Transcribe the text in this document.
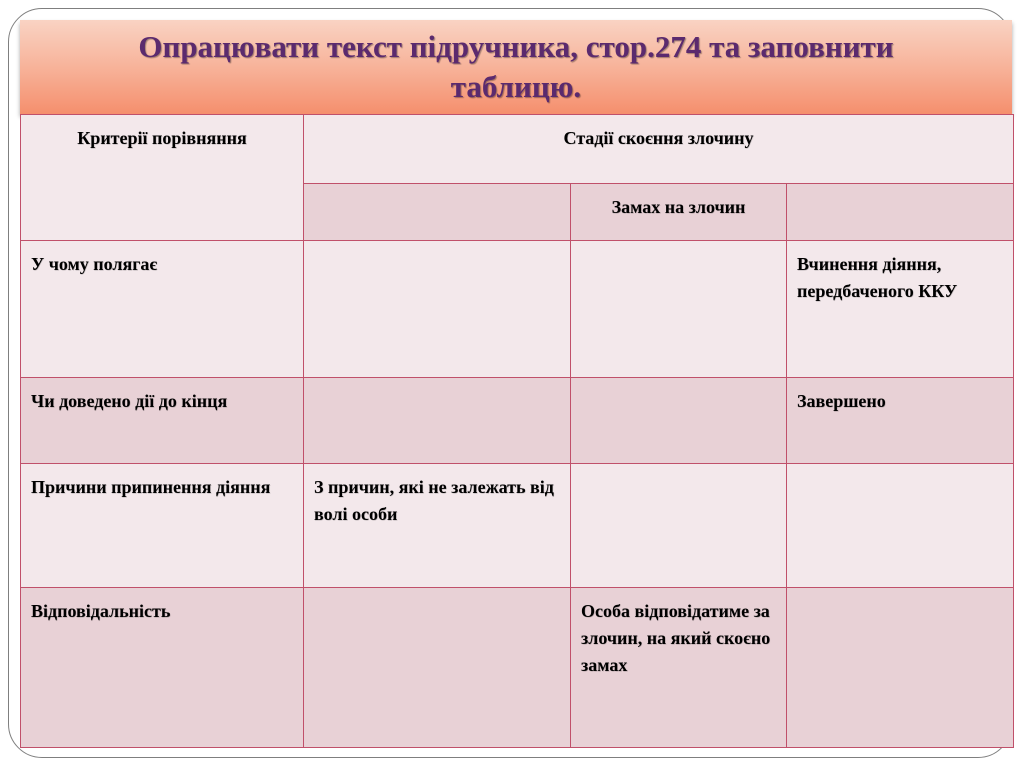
Опрацювати текст підручника, стор.274 та заповнити таблицю.
Критерії порівняння	Стадії скоєння злочину		
		Замах на злочин	
У чому полягає			Вчинення діяння, передбаченого ККУ
Чи доведено дії до кінця			Завершено
Причини припинення діяння	З причин, які не залежать від волі особи		
Відповідальність		Особа відповідатиме за злочин, на який скоєно замах	
